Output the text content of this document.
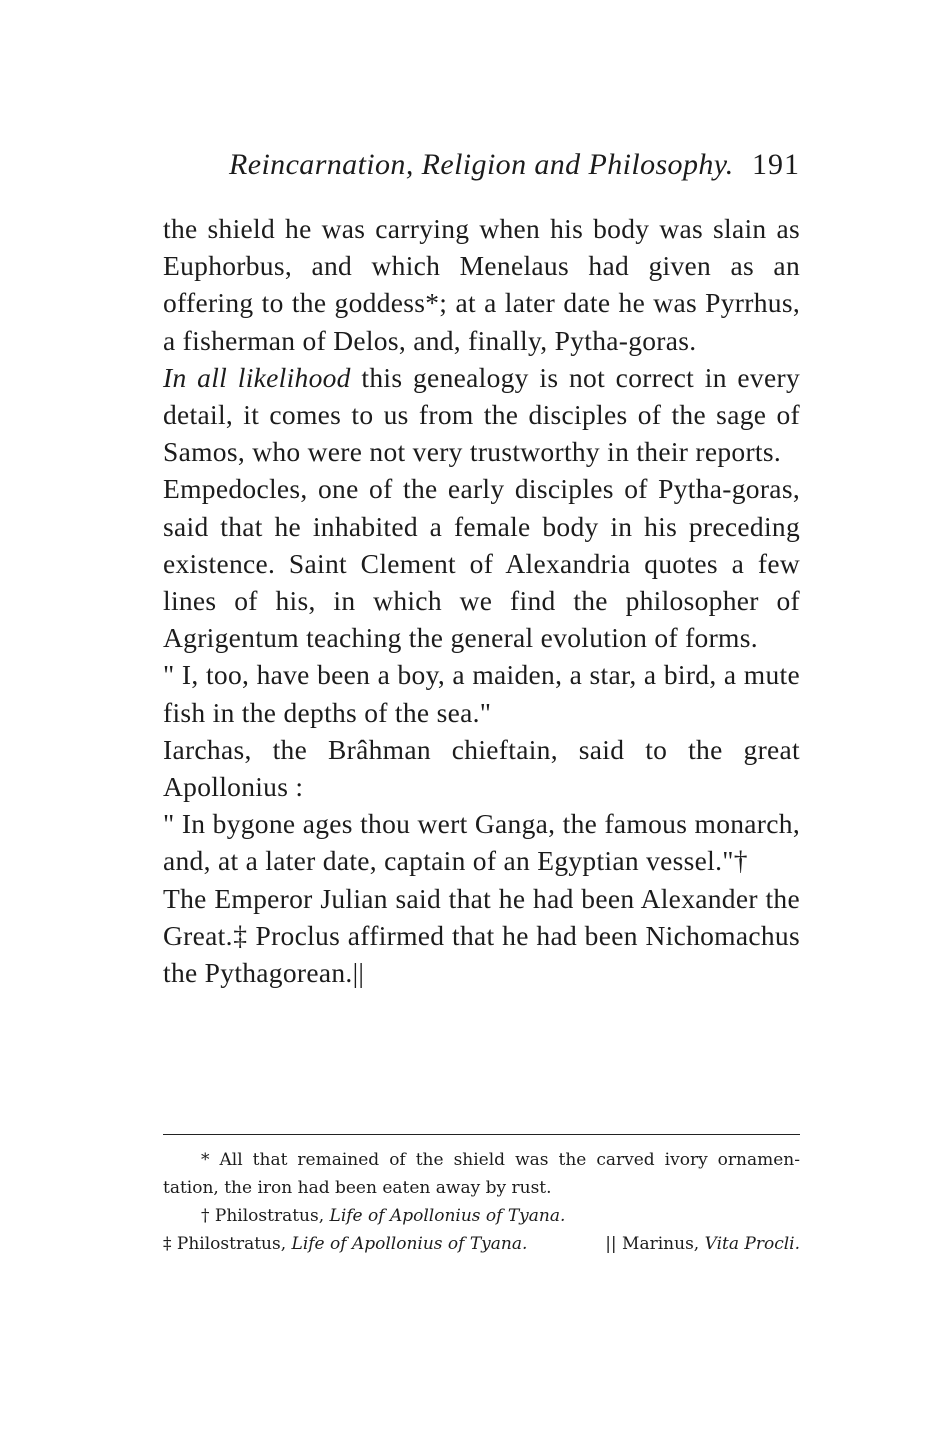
Reincarnation, Religion and Philosophy. 191

the shield he was carrying when his body was slain as Euphorbus, and which Menelaus had given as an offering to the goddess*; at a later date he was Pyrrhus, a fisherman of Delos, and, finally, Pytha-goras.

In all likelihood this genealogy is not correct in every detail, it comes to us from the disciples of the sage of Samos, who were not very trustworthy in their reports.

Empedocles, one of the early disciples of Pytha-goras, said that he inhabited a female body in his preceding existence. Saint Clement of Alexandria quotes a few lines of his, in which we find the philosopher of Agrigentum teaching the general evolution of forms.

" I, too, have been a boy, a maiden, a star, a bird, a mute fish in the depths of the sea."

Iarchas, the Brâhman chieftain, said to the great Apollonius :

" In bygone ages thou wert Ganga, the famous monarch, and, at a later date, captain of an Egyptian vessel."†

The Emperor Julian said that he had been Alexander the Great.‡ Proclus affirmed that he had been Nichomachus the Pythagorean.||

* All that remained of the shield was the carved ivory ornamen-tation, the iron had been eaten away by rust.

† Philostratus, Life of Apollonius of Tyana.

‡ Philostratus, Life of Apollonius of Tyana.	|| Marinus, Vita Procli.
